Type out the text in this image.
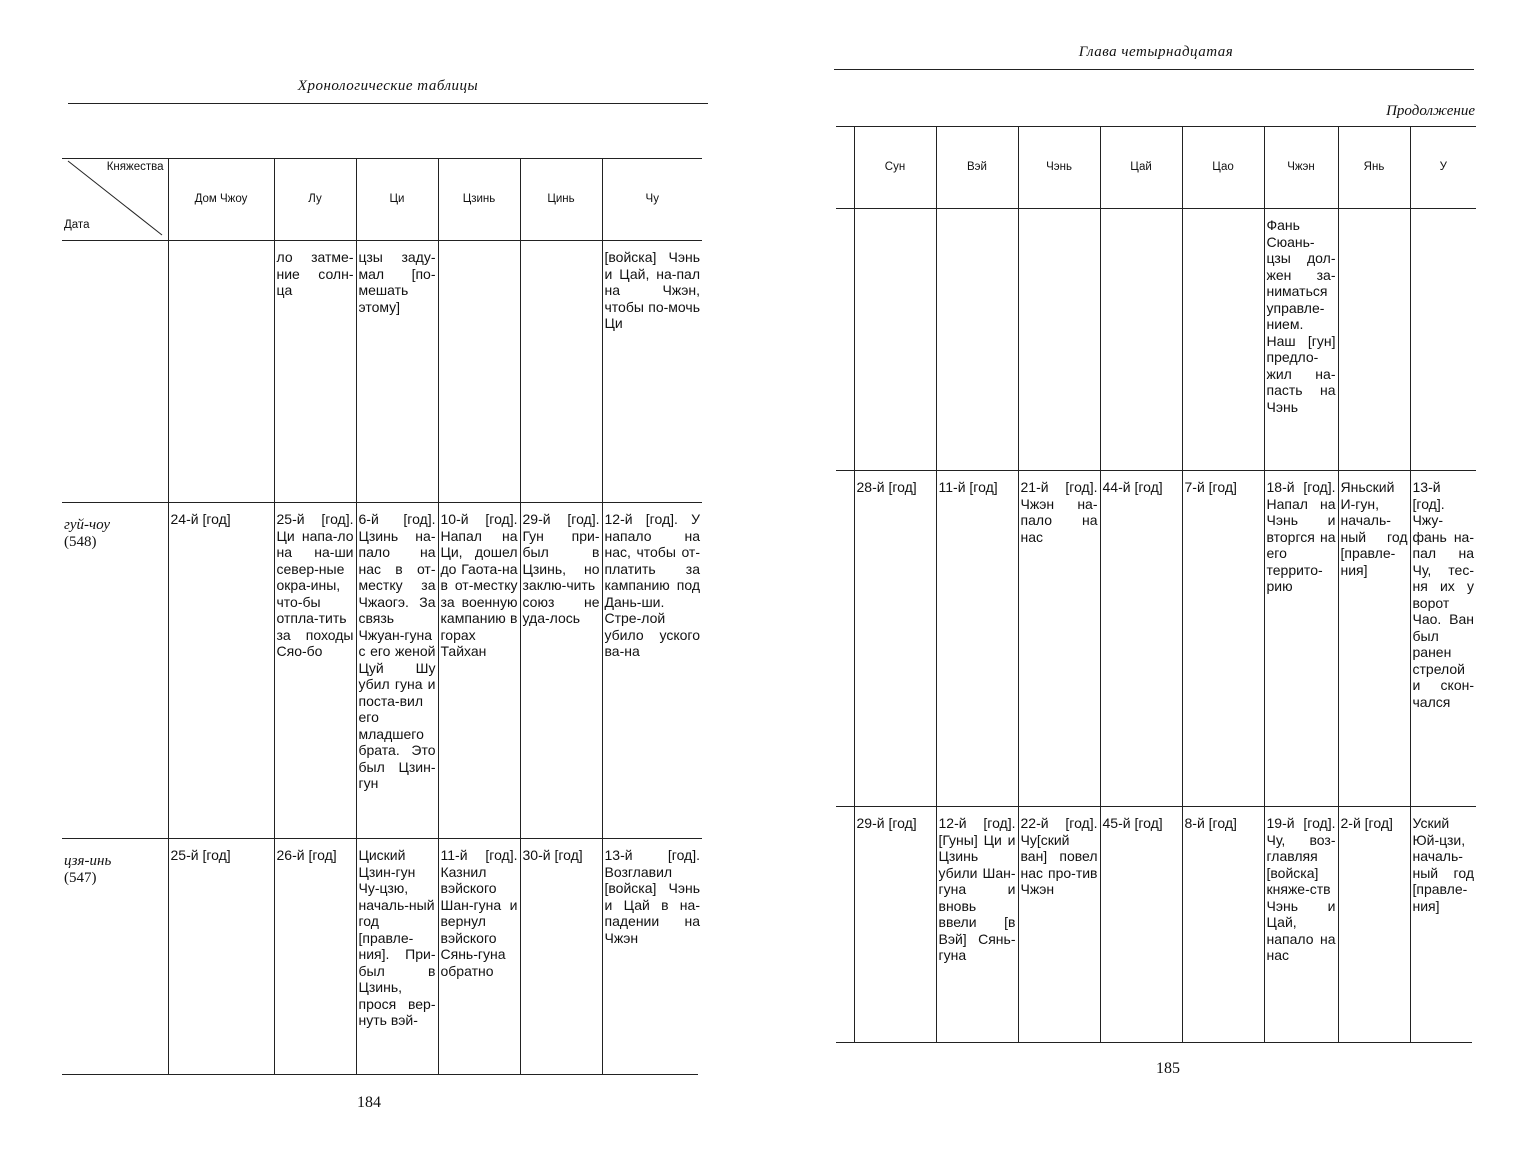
Хронологические таблицы
Княжества
Дата	Дом Чжоу	Лу	Ци	Цзинь	Цинь	Чу

		ло затме-ние солн-ца	цзы заду-мал [по-мешать этому]			[войска] Чэнь и Цай, на-пал на Чжэн, чтобы по-мочь Ци

гуй-чоу
(548)	24-й [год]	25-й [год]. Ци напа-ло на на-ши север-ные окра-ины, что-бы отпла-тить за походы Сяо-бо	6-й [год]. Цзинь на-пало на нас в от-местку за Чжаогэ. За связь Чжуан-гуна с его женой Цуй Шу убил гуна и поста-вил его младшего брата. Это был Цзин-гун	10-й [год]. Напал на Ци, дошел до Гаота-на в от-местку за военную кампанию в горах Тайхан	29-й [год]. Гун при-был в Цзинь, но заклю-чить союз не уда-лось	12-й [год]. У напало на нас, чтобы от-платить за кампанию под Дань-ши. Стре-лой убило уского ва-на

цзя-инь
(547)	25-й [год]	26-й [год]	Циский Цзин-гун Чу-цзю, началь-ный год [правле-ния]. При-был в Цзинь, прося вер-нуть вэй-	11-й [год]. Казнил вэйского Шан-гуна и вернул вэйского Сянь-гуна обратно	30-й [год]	13-й [год]. Возглавил [войска] Чэнь и Цай в на-падении на Чжэн
184
Глава четырнадцатая
Продолжение
	Сун	Вэй	Чэнь	Цай	Цао	Чжэн	Янь	У

						Фань Сюань-цзы дол-жен за-ниматься управле-нием. Наш [гун] предло-жил на-пасть на Чэнь		

	28-й [год]	11-й [год]	21-й [год]. Чжэн на-пало на нас	44-й [год]	7-й [год]	18-й [год]. Напал на Чэнь и вторгся на его террито-рию	Яньский И-гун, началь-ный год [правле-ния]	13-й [год]. Чжу-фань на-пал на Чу, тес-ня их у ворот Чао. Ван был ранен стрелой и скон-чался

	29-й [год]	12-й [год]. [Гуны] Ци и Цзинь убили Шан-гуна и вновь ввели [в Вэй] Сянь-гуна	22-й [год]. Чу[ский ван] повел нас про-тив Чжэн	45-й [год]	8-й [год]	19-й [год]. Чу, воз-главляя [войска] княже-ств Чэнь и Цай, напало на нас	2-й [год]	Уский Юй-цзи, началь-ный год [правле-ния]
185
